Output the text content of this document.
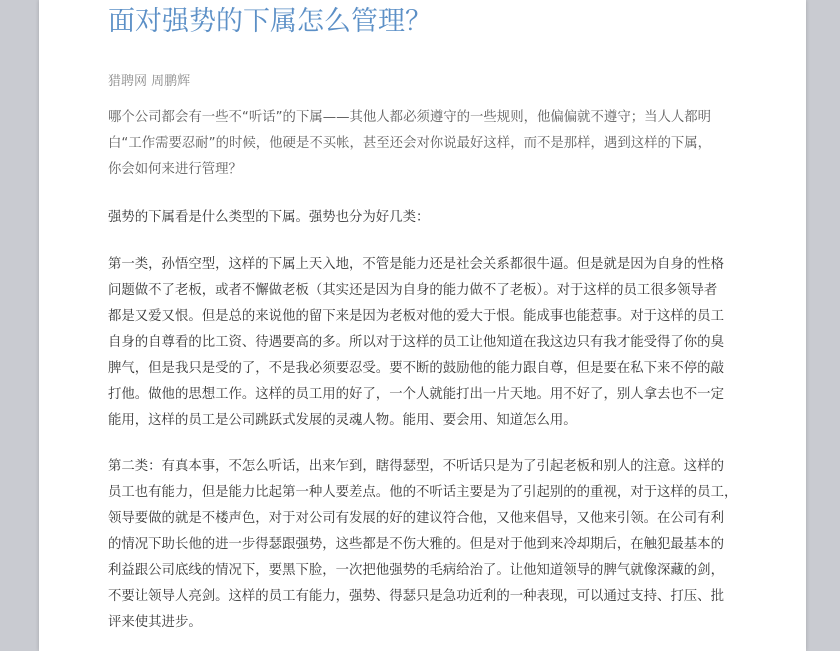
面对强势的下属怎么管理？
猎聘网 周鹏辉

哪个公司都会有一些不“听话”的下属——其他人都必须遵守的一些规则，他偏偏就不遵守；当人人都明
白“工作需要忍耐”的时候，他硬是不买帐，甚至还会对你说最好这样，而不是那样，遇到这样的下属，
你会如何来进行管理？

强势的下属看是什么类型的下属。强势也分为好几类：

第一类，孙悟空型，这样的下属上天入地，不管是能力还是社会关系都很牛逼。但是就是因为自身的性格
问题做不了老板，或者不懈做老板（其实还是因为自身的能力做不了老板）。对于这样的员工很多领导者
都是又爱又恨。但是总的来说他的留下来是因为老板对他的爱大于恨。能成事也能惹事。对于这样的员工
自身的自尊看的比工资、待遇要高的多。所以对于这样的员工让他知道在我这边只有我才能受得了你的臭
脾气，但是我只是受的了，不是我必须要忍受。要不断的鼓励他的能力跟自尊，但是要在私下来不停的敲
打他。做他的思想工作。这样的员工用的好了，一个人就能打出一片天地。用不好了，别人拿去也不一定
能用，这样的员工是公司跳跃式发展的灵魂人物。能用、要会用、知道怎么用。

第二类：有真本事，不怎么听话，出来乍到，瞎得瑟型，不听话只是为了引起老板和别人的注意。这样的
员工也有能力，但是能力比起第一种人要差点。他的不听话主要是为了引起别的的重视，对于这样的员工，
领导要做的就是不楼声色，对于对公司有发展的好的建议符合他，又他来倡导，又他来引领。在公司有利
的情况下助长他的进一步得瑟跟强势，这些都是不伤大雅的。但是对于他到来冷却期后，在触犯最基本的
利益跟公司底线的情况下，要黑下脸，一次把他强势的毛病给治了。让他知道领导的脾气就像深藏的剑，
不要让领导人亮剑。这样的员工有能力，强势、得瑟只是急功近利的一种表现，可以通过支持、打压、批
评来使其进步。
